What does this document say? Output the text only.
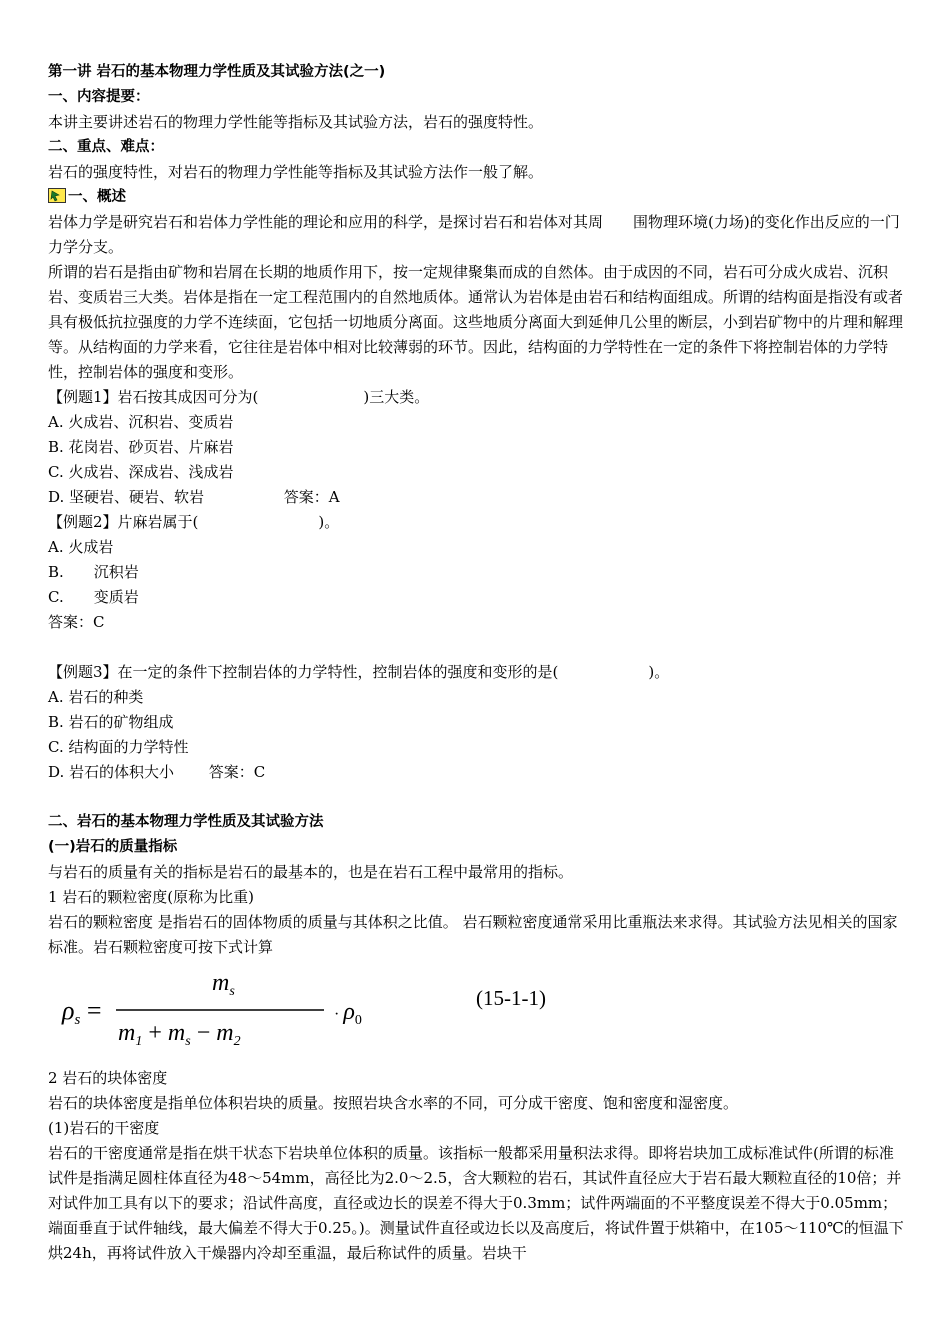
第一讲 岩石的基本物理力学性质及其试验方法(之一)
一、内容提要：
本讲主要讲述岩石的物理力学性能等指标及其试验方法，岩石的强度特性。
二、重点、难点：
岩石的强度特性，对岩石的物理力学性能等指标及其试验方法作一般了解。
一、概述
岩体力学是研究岩石和岩体力学性能的理论和应用的科学，是探讨岩石和岩体对其周　　围物理环境(力场)的变化作出反应的一门力学分支。
所谓的岩石是指由矿物和岩屑在长期的地质作用下，按一定规律聚集而成的自然体。由于成因的不同，岩石可分成火成岩、沉积岩、变质岩三大类。岩体是指在一定工程范围内的自然地质体。通常认为岩体是由岩石和结构面组成。所谓的结构面是指没有或者具有极低抗拉强度的力学不连续面，它包括一切地质分离面。这些地质分离面大到延伸几公里的断层，小到岩矿物中的片理和解理等。从结构面的力学来看，它往往是岩体中相对比较薄弱的环节。因此，结构面的力学特性在一定的条件下将控制岩体的力学特性，控制岩体的强度和变形。
【例题1】岩石按其成因可分为(　　　　　　　)三大类。
A. 火成岩、沉积岩、变质岩
B. 花岗岩、砂页岩、片麻岩
C. 火成岩、深成岩、浅成岩
D. 坚硬岩、硬岩、软岩　　　　　 答案：A
【例题2】片麻岩属于(　　　　　　　　)。
A. 火成岩
B.　　沉积岩
C.　　变质岩
答案：C
【例题3】在一定的条件下控制岩体的力学特性，控制岩体的强度和变形的是(　　　　　　)。
A. 岩石的种类
B. 岩石的矿物组成
C. 结构面的力学特性
D. 岩石的体积大小　　 答案：C
二、岩石的基本物理力学性质及其试验方法
(一)岩石的质量指标
与岩石的质量有关的指标是岩石的最基本的，也是在岩石工程中最常用的指标。
1 岩石的颗粒密度(原称为比重)
岩石的颗粒密度 是指岩石的固体物质的质量与其体积之比值。 岩石颗粒密度通常采用比重瓶法来求得。其试验方法见相关的国家标准。岩石颗粒密度可按下式计算
ρs =
$m_s$
$m_1 + m_s - m_2$
· $\rho_0$
(15-1-1)
2 岩石的块体密度
岩石的块体密度是指单位体积岩块的质量。按照岩块含水率的不同，可分成干密度、饱和密度和湿密度。
(1)岩石的干密度
岩石的干密度通常是指在烘干状态下岩块单位体积的质量。该指标一般都采用量积法求得。即将岩块加工成标准试件(所谓的标准试件是指满足圆柱体直径为48～54mm，高径比为2.0～2.5，含大颗粒的岩石，其试件直径应大于岩石最大颗粒直径的10倍；并对试件加工具有以下的要求；沿试件高度，直径或边长的误差不得大于0.3mm；试件两端面的不平整度误差不得大于0.05mm；端面垂直于试件轴线，最大偏差不得大于0.25。)。测量试件直径或边长以及高度后，将试件置于烘箱中，在105～110℃的恒温下烘24h，再将试件放入干燥器内冷却至重温，最后称试件的质量。岩块干
